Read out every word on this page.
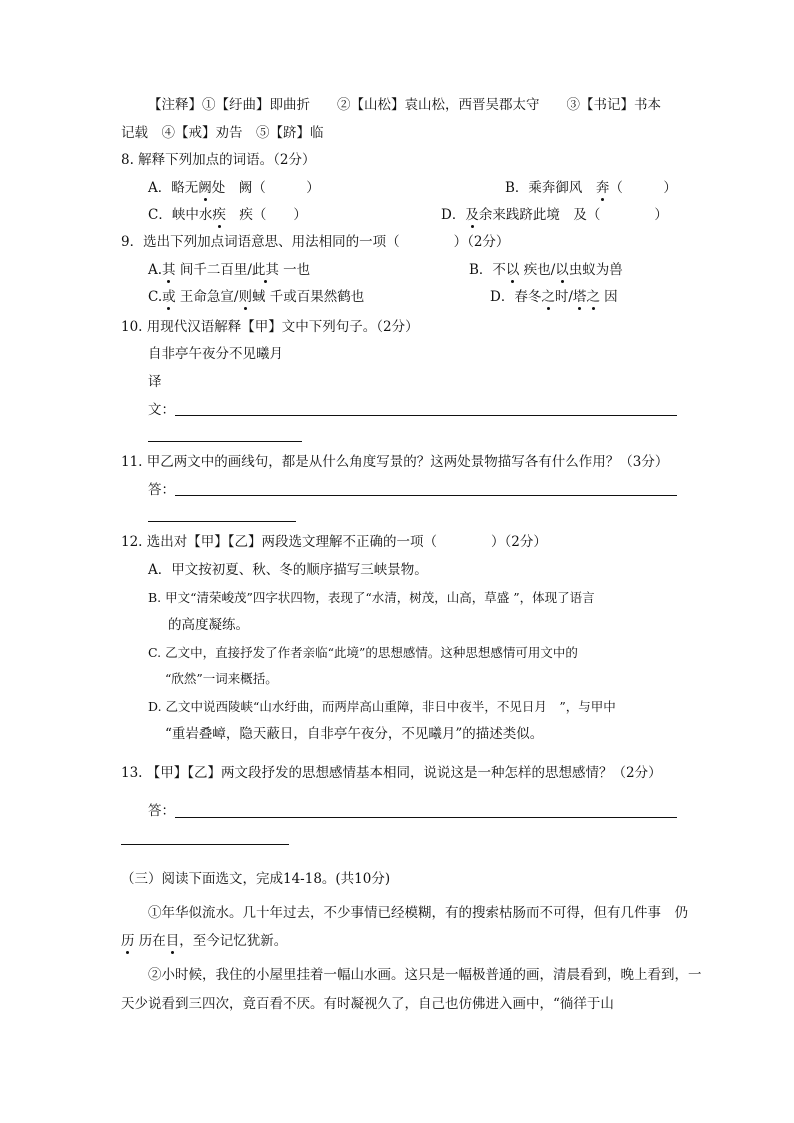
【注释】①【纡曲】即曲折　　②【山松】袁山松，西晋吴郡太守　　③【书记】书本
记载　④【戒】劝告　⑤【跻】临
8. 解释下列加点的词语。（2分）
A．略无阙处　阙（　　　）	B．乘奔御风　奔（　　　）
C．峡中水疾　疾（　　）	D．及余来践跻此境　及（　　　　）
9．选出下列加点词语意思、用法相同的一项（　　　　）（2分）
A.其 间千二百里/此其 一也	B．不以 疾也/以虫蚁为兽
C.或 王命急宣/则蜮 千或百果然鹤也	D．春冬之时/塔之 因
10. 用现代汉语解释【甲】文中下列句子。（2分）
自非亭午夜分不见曦月
译
文：
11. 甲乙两文中的画线句，都是从什么角度写景的？这两处景物描写各有什么作用？（3分）
答：
12. 选出对【甲】【乙】两段选文理解不正确的一项（　　　　）（2分）
A．甲文按初夏、秋、冬的顺序描写三峡景物。
B. 甲文“清荣峻茂”四字状四物，表现了“水清，树茂，山高，草盛 ”，体现了语言
的高度凝练。
C. 乙文中，直接抒发了作者亲临“此境”的思想感情。这种思想感情可用文中的
“欣然”一词来概括。
D. 乙文中说西陵峡“山水纡曲，而两岸高山重障，非日中夜半，不见日月　”，与甲中
“重岩叠嶂，隐天蔽日，自非亭午夜分，不见曦月”的描述类似。
13. 【甲】【乙】两文段抒发的思想感情基本相同，说说这是一种怎样的思想感情？（2分）
答：
（三）阅读下面选文，完成14-18。(共10分)
①年华似流水。几十年过去，不少事情已经模糊，有的搜索枯肠而不可得，但有几件事　仍
历 历在目，至今记忆犹新。
②小时候，我住的小屋里挂着一幅山水画。这只是一幅极普通的画，清晨看到，晚上看到，一
天少说看到三四次，竟百看不厌。有时凝视久了，自己也仿佛进入画中，“徜徉于山
